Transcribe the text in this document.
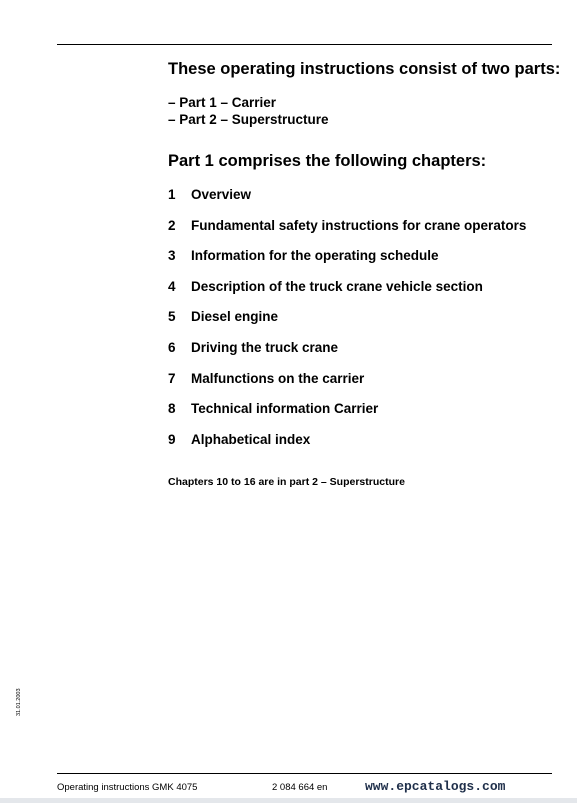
These operating instructions consist of two parts:
– Part 1 – Carrier
– Part 2 – Superstructure
Part 1 comprises the following chapters:
1 Overview
2 Fundamental safety instructions for crane operators
3 Information for the operating schedule
4 Description of the truck crane vehicle section
5 Diesel engine
6 Driving the truck crane
7 Malfunctions on the carrier
8 Technical information Carrier
9 Alphabetical index
Chapters 10 to 16 are in part 2 – Superstructure
31.01.2003
Operating instructions GMK 4075	2 084 664 en	www.epcatalogs.com
